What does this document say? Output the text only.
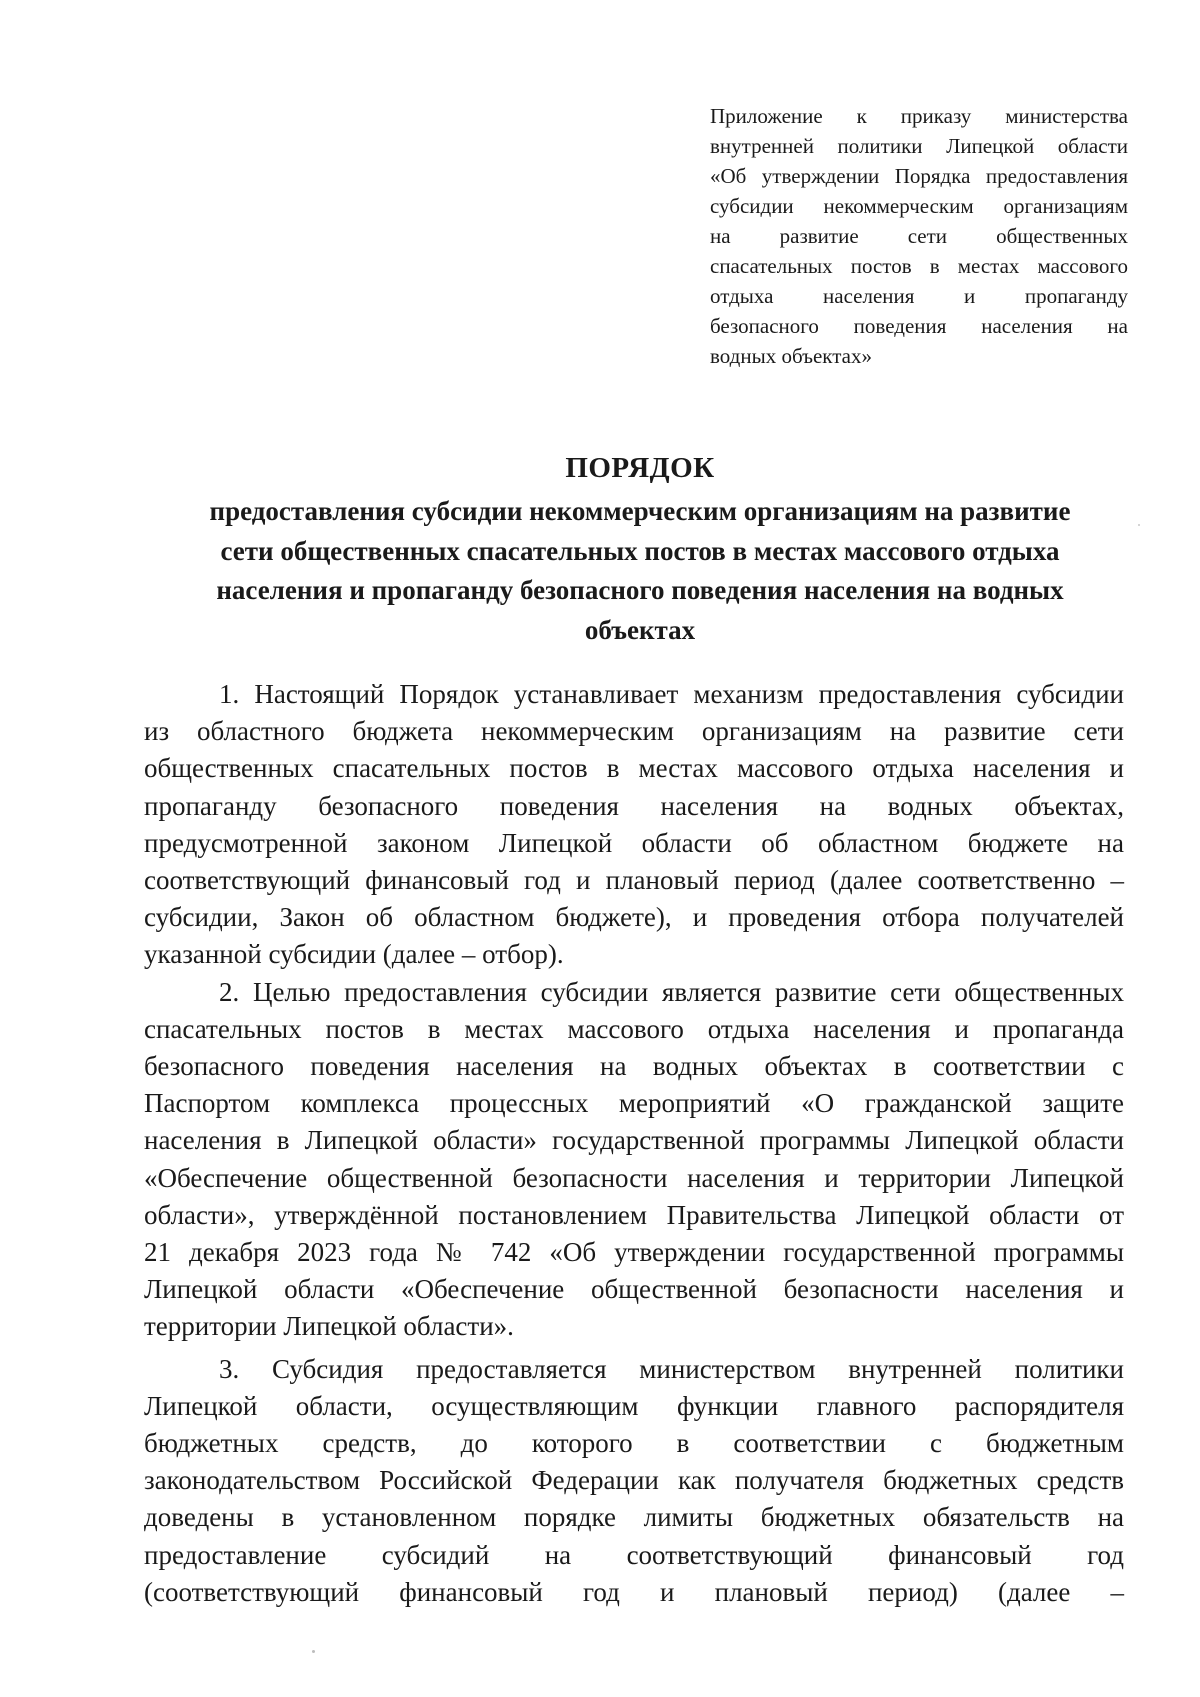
Приложение к приказу министерства
внутренней политики Липецкой области
«Об утверждении Порядка предоставления
субсидии некоммерческим организациям
на развитие сети общественных
спасательных постов в местах массового
отдыха населения и пропаганду
безопасного поведения населения на
водных объектах»
ПОРЯДОК
предоставления субсидии некоммерческим организациям на развитие
сети общественных спасательных постов в местах массового отдыха
населения и пропаганду безопасного поведения населения на водных
объектах
1. Настоящий Порядок устанавливает механизм предоставления субсидии
из областного бюджета некоммерческим организациям на развитие сети
общественных спасательных постов в местах массового отдыха населения и
пропаганду безопасного поведения населения на водных объектах,
предусмотренной законом Липецкой области об областном бюджете на
соответствующий финансовый год и плановый период (далее соответственно –
субсидии, Закон об областном бюджете), и проведения отбора получателей
указанной субсидии (далее – отбор).
2. Целью предоставления субсидии является развитие сети общественных
спасательных постов в местах массового отдыха населения и пропаганда
безопасного поведения населения на водных объектах в соответствии с
Паспортом комплекса процессных мероприятий «О гражданской защите
населения в Липецкой области» государственной программы Липецкой области
«Обеспечение общественной безопасности населения и территории Липецкой
области», утверждённой постановлением Правительства Липецкой области от
21 декабря 2023 года № 742 «Об утверждении государственной программы
Липецкой области «Обеспечение общественной безопасности населения и
территории Липецкой области».
3. Субсидия предоставляется министерством внутренней политики
Липецкой области, осуществляющим функции главного распорядителя
бюджетных средств, до которого в соответствии с бюджетным
законодательством Российской Федерации как получателя бюджетных средств
доведены в установленном порядке лимиты бюджетных обязательств на
предоставление субсидий на соответствующий финансовый год
(соответствующий финансовый год и плановый период) (далее –
